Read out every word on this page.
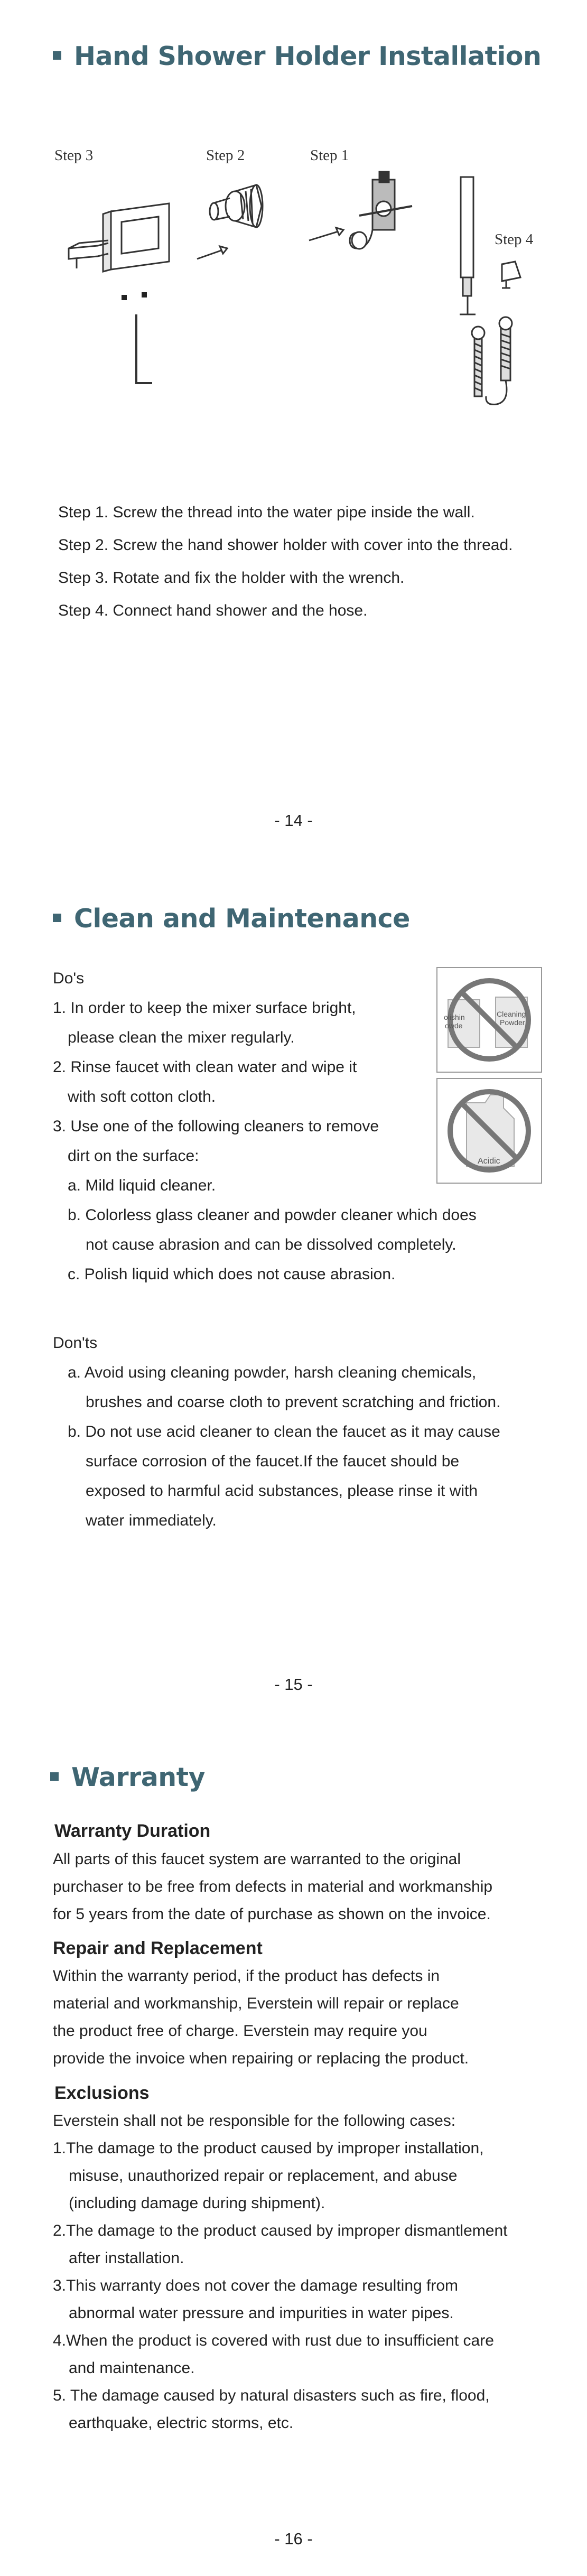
Hand Shower Holder Installation
Step 3	Step 2	Step 1
Step 4
Step 1. Screw the thread into the water pipe inside the wall.
Step 2. Screw the hand shower holder with cover into the thread.
Step 3. Rotate and fix the holder with the wrench.
Step 4. Connect hand shower and the hose.
- 14 -
Clean and Maintenance
Do's
1. In order to keep the mixer surface bright,
please clean the mixer regularly.
2. Rinse faucet with clean water and wipe it
with soft cotton cloth.
3. Use one of the following cleaners to remove
dirt on the surface:
a. Mild liquid cleaner.
b. Colorless glass cleaner and powder cleaner which does
not cause abrasion and can be dissolved completely.
c. Polish liquid which does not cause abrasion.
olishin
owde
Cleaning
Powder
Acidic
Don'ts
a. Avoid using cleaning powder, harsh cleaning chemicals,
brushes and coarse cloth to prevent scratching and friction.
b. Do not use acid cleaner to clean the faucet as it may cause
surface corrosion of the faucet.If the faucet should be
exposed to harmful acid substances, please rinse it with
water immediately.
- 15 -
Warranty
Warranty Duration
All parts of this faucet system are warranted to the original
purchaser to be free from defects in material and workmanship
for 5 years from the date of purchase as shown on the invoice.
Repair and Replacement
Within the warranty period, if the product has defects in
material and workmanship, Everstein will repair or replace
the product free of charge. Everstein may require you
provide the invoice when repairing or replacing the product.
Exclusions
Everstein shall not be responsible for the following cases:
1.The damage to the product caused by improper installation,
misuse, unauthorized repair or replacement, and abuse
(including damage during shipment).
2.The damage to the product caused by improper dismantlement
after installation.
3.This warranty does not cover the damage resulting from
abnormal water pressure and impurities in water pipes.
4.When the product is covered with rust due to insufficient care
and maintenance.
5. The damage caused by natural disasters such as fire, flood,
earthquake, electric storms, etc.
- 16 -
